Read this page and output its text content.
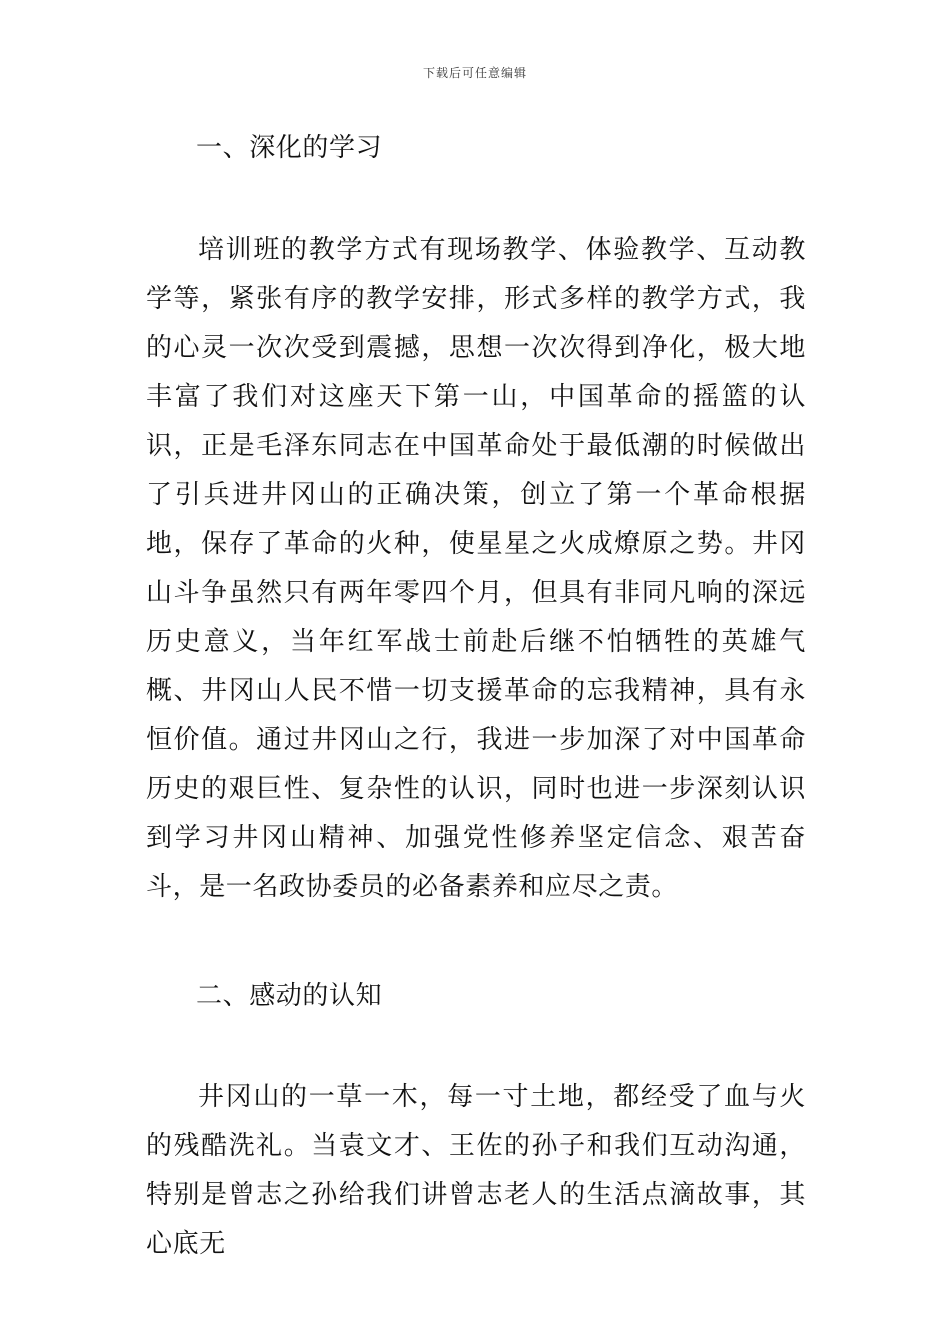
下载后可任意编辑
一、深化的学习

培训班的教学方式有现场教学、体验教学、互动教学等，紧张有序的教学安排，形式多样的教学方式，我的心灵一次次受到震撼，思想一次次得到净化，极大地丰富了我们对这座天下第一山，中国革命的摇篮的认识，正是毛泽东同志在中国革命处于最低潮的时候做出了引兵进井冈山的正确决策，创立了第一个革命根据地，保存了革命的火种，使星星之火成燎原之势。井冈山斗争虽然只有两年零四个月，但具有非同凡响的深远历史意义，当年红军战士前赴后继不怕牺牲的英雄气概、井冈山人民不惜一切支援革命的忘我精神，具有永恒价值。通过井冈山之行，我进一步加深了对中国革命历史的艰巨性、复杂性的认识，同时也进一步深刻认识到学习井冈山精神、加强党性修养坚定信念、艰苦奋斗，是一名政协委员的必备素养和应尽之责。

二、感动的认知

井冈山的一草一木，每一寸土地，都经受了血与火的残酷洗礼。当袁文才、王佐的孙子和我们互动沟通，特别是曾志之孙给我们讲曾志老人的生活点滴故事，其心底无
